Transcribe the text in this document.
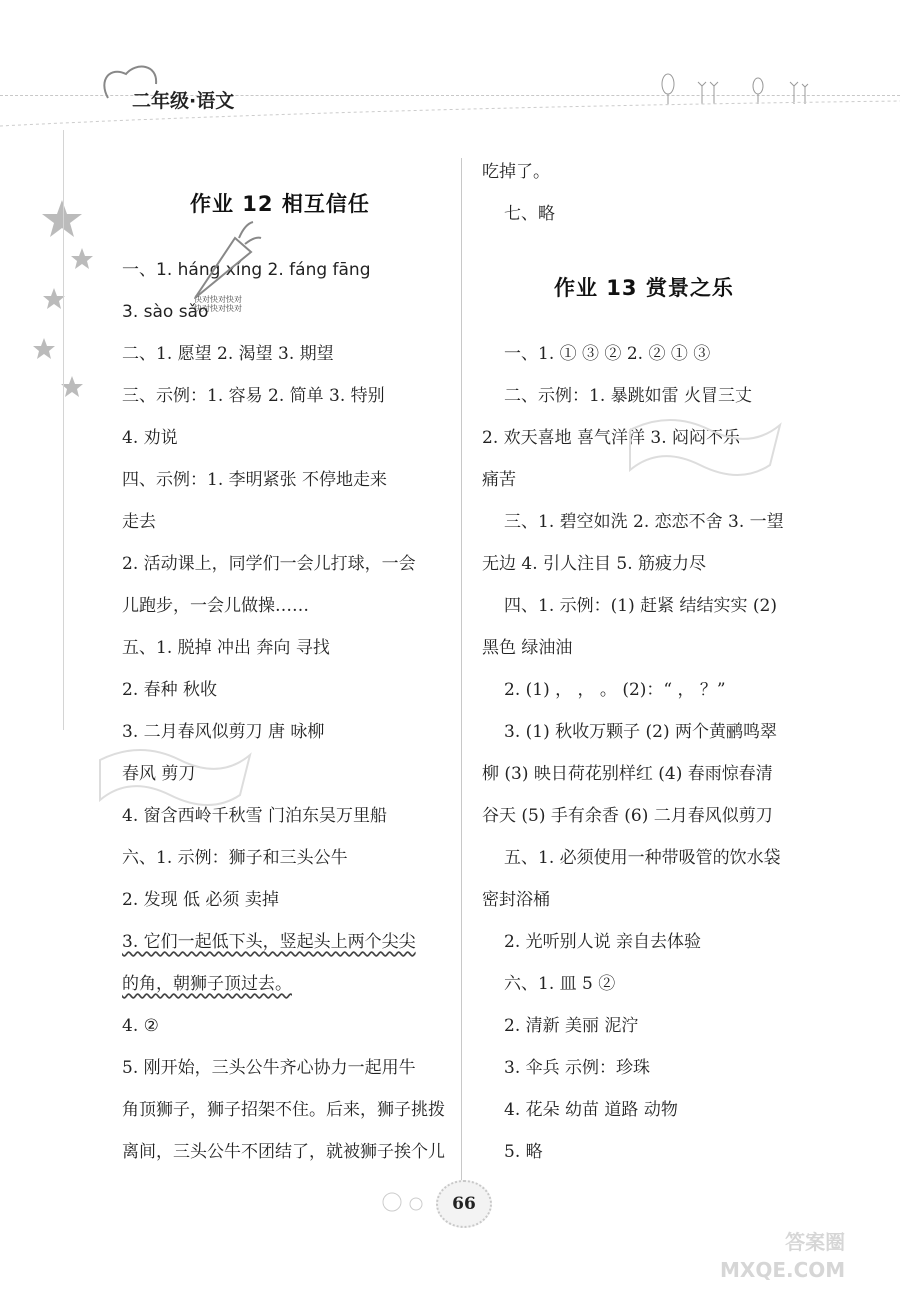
二年级·语文
作业 12 相互信任
一、1. háng xíng 2. fáng fāng
3. sào sǎo
快对快对快对
快对快对快对
二、1. 愿望 2. 渴望 3. 期望
三、示例：1. 容易 2. 简单 3. 特别
4. 劝说
四、示例：1. 李明紧张 不停地走来
走去
2. 活动课上，同学们一会儿打球，一会
儿跑步，一会儿做操……
五、1. 脱掉 冲出 奔向 寻找
2. 春种 秋收
3. 二月春风似剪刀 唐 咏柳
春风 剪刀
4. 窗含西岭千秋雪 门泊东吴万里船
六、1. 示例：狮子和三头公牛
2. 发现 低 必须 卖掉
3. 它们一起低下头，竖起头上两个尖尖
的角，朝狮子顶过去。
4. ②
5. 刚开始，三头公牛齐心协力一起用牛
角顶狮子，狮子招架不住。后来，狮子挑拨
离间，三头公牛不团结了，就被狮子挨个儿
吃掉了。
七、略
作业 13 赏景之乐
一、1. ① ③ ② 2. ② ① ③
二、示例：1. 暴跳如雷 火冒三丈
2. 欢天喜地 喜气洋洋 3. 闷闷不乐
痛苦
三、1. 碧空如洗 2. 恋恋不舍 3. 一望
无边 4. 引人注目 5. 筋疲力尽
四、1. 示例：(1) 赶紧 结结实实 (2)
黑色 绿油油
2. (1) ， ， 。 (2)：“ ， ？”
3. (1) 秋收万颗子 (2) 两个黄鹂鸣翠
柳 (3) 映日荷花别样红 (4) 春雨惊春清
谷天 (5) 手有余香 (6) 二月春风似剪刀
五、1. 必须使用一种带吸管的饮水袋
密封浴桶
2. 光听别人说 亲自去体验
六、1. 皿 5 ②
2. 清新 美丽 泥泞
3. 伞兵 示例：珍珠
4. 花朵 幼苗 道路 动物
5. 略
66
答案圈
MXQE.COM
